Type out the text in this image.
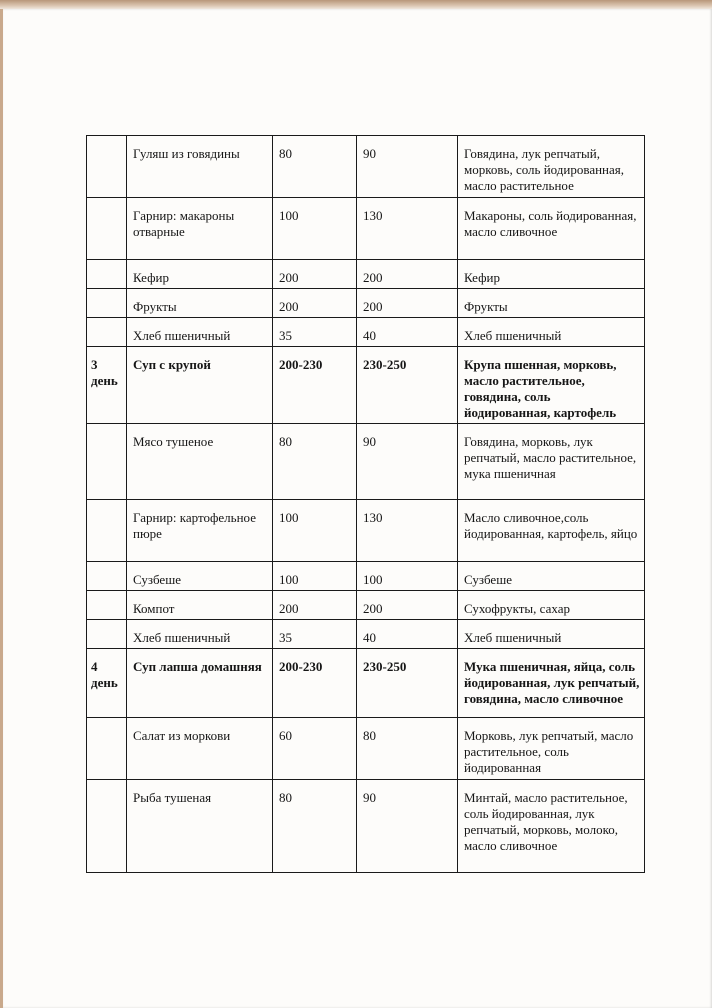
	Гуляш из говядины	80	90	Говядина, лук репчатый, морковь, соль йодированная, масло растительное
	Гарнир: макароны отварные	100	130	Макароны, соль йодированная, масло сливочное
	Кефир	200	200	Кефир
	Фрукты	200	200	Фрукты
	Хлеб пшеничный	35	40	Хлеб пшеничный
3 день	Суп с крупой	200-230	230-250	Крупа пшенная, морковь, масло растительное, говядина, соль йодированная, картофель
	Мясо тушеное	80	90	Говядина, морковь, лук репчатый, масло растительное, мука пшеничная
	Гарнир: картофельное пюре	100	130	Масло сливочное,соль йодированная, картофель, яйцо
	Сузбеше	100	100	Сузбеше
	Компот	200	200	Сухофрукты, сахар
	Хлеб пшеничный	35	40	Хлеб пшеничный
4 день	Суп лапша домашняя	200-230	230-250	Мука пшеничная, яйца, соль йодированная, лук репчатый, говядина, масло сливочное
	Салат из моркови	60	80	Морковь, лук репчатый, масло растительное, соль йодированная
	Рыба тушеная	80	90	Минтай, масло растительное, соль йодированная, лук репчатый, морковь, молоко, масло сливочное
